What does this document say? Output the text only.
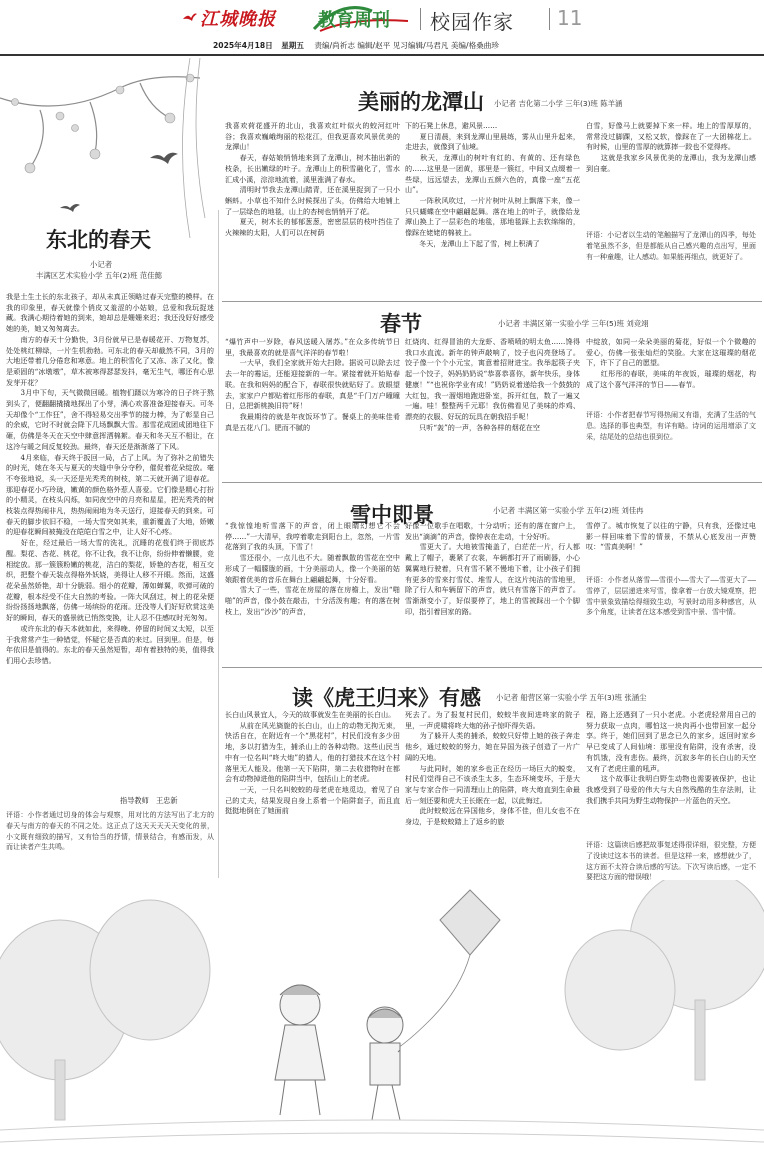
江城晚报 教育周刊 校园作家 11
2025年4月18日 星期五 责编/尚祈志 编辑/赵平 见习编辑/马君凡 美编/格桑曲珍
美丽的龙潭山 小记者 吉化第二小学 三年(3)班 陈羊涵
我喜欢荷花盛开的北山，我喜欢红叶似火的蛟河红叶谷；我喜欢巍峨绚丽的松花江，但我更喜欢风景优美的龙潭山！
　　春天，春姑娘悄悄地来到了龙潭山，树木抽出新的枝条，长出嫩绿的叶子。龙潭山上的积雪融化了，雪水汇成小溪，淙淙地流着，溪里涨满了春水。
　　清明时节我去龙潭山踏青，还在溪里捉到了一只小蝌蚪。小草也不知什么时候探出了头，仿佛给大地铺上了一层绿色的地毯，山上的杏树也悄悄开了花。
　　夏天，树木长的郁郁葱葱，密密层层的枝叶挡住了火辣辣的太阳，人们可以在树荫
下的石凳上休息，避风景……
　　夏日清晨，来到龙潭山里晨练，雾从山里升起来，走进去，就像到了仙境。
　　秋天，龙潭山的树叶有红的、有黄的、还有绿色的……这里是一团黄，那里是一簇红，中间又点缀着一些绿，远远望去，龙潭山五颜六色的，真像一座“五花山”。
　　一阵秋风吹过，一片片树叶从树上飘落下来，像一只只蝴蝶在空中翩翩起舞。落在地上的叶子，就像给龙潭山换上了一层彩色的地毯，那地毯踩上去软绵绵的，像踩在姥姥的棉被上。
　　冬天，龙潭山上下起了雪，树上积满了
白雪，好像马上就要掉下来一样。地上的雪厚厚的，常常没过脚踝，又松又软，像踩在了一大团棉花上。有时候，山里的雪厚的就算摔一跤也不觉得疼。
　　这就是我家乡风景优美的龙潭山，我为龙潭山感到自豪。
评语：小记者以生动的笔触描写了龙潭山的四季，每处着笔虽然不多，但是都能从自己感兴趣的点出写，里面有一种童趣，让人感动。如果能再细点，就更好了。
东北的春天
小记者
丰满区艺术实验小学 五年(2)班 范佳懿
我是土生土长的东北孩子，却从未真正领略过春天完整的模样。在我的印象里，春天就像个俏皮又羞涩的小姑娘，总爱和我玩捉迷藏。我满心期待着她的到来，她却总是姗姗来迟；我还没好好感受她的美，她又匆匆离去。
　　南方的春天十分勤快，3月份就早已是春暖花开、万物复苏，处处桃红柳绿，一片生机勃勃。可东北的春天却截然不同，3月的大地还带着几分倦怠和寒意。地上的积雪化了又冻、冻了又化，像是顽固的“冰墩墩”，草木被寒得瑟瑟发抖，毫无生气，哪还有心思发芽开花？
　　3月中下旬，天气微微回暖。植物们蹑以为寒冷的日子终于熬到头了，便翻翻撬撬地探出了小芽，满心欢喜准备迎接春天。可冬天却像个“工作狂”，舍不得轻易交出季节的接力棒，为了彰显自己的余威，它时不时就会降下几场飘飘大雪。那雪花成团成团地往下砸，仿佛是冬天在天空中肆意挥洒棉絮。春天和冬天互不相让，在这冷与暖之间反复较劲。最终，春天还是渐渐落了下风。
　　4月来临，春天终于扳回一局，占了上风。为了弥补之前错失的时光，她在冬天与夏天的夹缝中争分夺秒，催促着花朵绽放。毫不夸张地说，头一天还是光秃秃的树枝，第二天就开满了迎春花。那迎春花小巧玲珑，嫩黄的颜色格外惹人喜爱。它们像是精心打扮的小精灵，在枝头闪烁，如同夜空中的月亮和星星，把光秃秃的树枝装点得热闹非凡，热热闹闹地为冬天送行，迎接春天的到来。可春天的脚步依旧不稳，一场大雪突如其来，重新覆盖了大地，娇嫩的迎春花瞬间被掩没在皑皑白雪之中，让人好不心疼。
　　好在，经过最后一场大雪的洗礼，沉睡的花苞们终于彻底苏醒。梨花、杏花、桃花，你不让我，我不让你，纷纷伸着懒腰，竞相绽放。那一簇簇粉嫩的桃花，洁白的梨花，娇艳的杏花，相互交织，把整个春天装点得格外妖娆，美得让人移不开眼。然而，这盛花朵虽然娇艳，却十分脆弱。细小的花瓣，薄如蝉翼，吹弹可破的花瓣，根本经受不住大自然的考验。一阵大风刮过，树上的花朵便纷纷扬扬地飘落，仿佛一场缤纷的花雨。还没等人们好好欣赏这美好的瞬间，春天的盛景就已悄然变换，让人忍不住感叹时光匆匆。
　　或许东北的春天本就如此，来得晚、停留的时间又太短，以至于我常常产生一种错觉，怀疑它是否真的来过。回到里。但是，每年依旧是值得的。东北的春天虽然短暂，却有着独特的美，值得我们用心去珍惜。
指导教师　王忠新
评语：小作者通过切身的体会与观察，用对比的方法写出了北方的春天与南方的春天的不同之处。这正点了这天天天天天变化的景，小文既有细致的描写，又有恰当的抒情，情景结合，有感而发，从而让读者产生共鸣。
春节	小记者 丰满区第一实验小学 三年(5)班 刘竞翊
“爆竹声中一岁除，春风送暖入屠苏。”在众多传统节日里，我最喜欢的就是喜气洋洋的春节啦！
　　一大早，我们全家就开始大扫除。据说可以除去过去一年的霉运，还能迎接新的一年。紧接着就开始贴春联。在我和妈妈的配合下，春联很快就贴好了。放眼望去，家家户户都贴着红彤彤的春联，真是“千门万户曈曈日，总把新桃换旧符”呀！
　　我最期待的就是年夜饭环节了。餐桌上的美味佳肴真是五花八门。肥而不腻的
红烧肉、红得冒油的大龙虾、香喷喷的明太鱼……馋得我口水直流。新年的钟声敲响了，饺子也闪亮登场了。饺子像一个个小元宝，寓意着招财进宝。我举起筷子夹起一个饺子，妈妈奶奶说“恭喜恭喜你，新年快乐，身体健康！”“也祝你学业有成！”奶奶说着递给我一个鼓鼓的大红包，我一溜烟地跑进卧室，拆开红包，数了一遍又一遍。哇！整整两千元耶！我仿佛看见了美味的炸鸡、漂亮的衣服、好玩的玩具在朝我招手呢！
　　只听“轰”的一声，各种各样的烟花在空
中绽放，如同一朵朵美丽的菊花，好似一个个微趣的爱心，仿佛一张张灿烂的笑脸。大家在这璀璨的烟花下，许下了自己的愿望。
　　红彤彤的春联，美味的年夜饭，璀璨的烟花，构成了这个喜气洋洋的节日——春节。
评语：小作者把春节写得热闹又有谐，充满了生活的气息。选择的事也典型，有详有略。诗词的运用增添了文采，结尾处的总结也很到位。
雪中即景	小记者 丰满区第一实验小学 五年(2)班 刘佳冉
“我惊惶地听雪落下的声音，闭上眼睛幻想它不会停……”一大清早，我哼着歌走到阳台上，忽然，一片雪花落到了我的头顶，下雪了！
　　雪还很小，一点儿也不大。随着飘散的雪花在空中形成了一幅朦胧的画，十分美丽动人，像一个美丽的姑娘跟着优美的音乐在舞台上翩翩起舞，十分好看。
　　雪大了一些，雪花在房屋的落在房檐上，发出“啪啪”的声音，像小鼓在敲击，十分活泼有趣；有的落在树枝上，发出“沙沙”的声音，
好像一位歌手在唱歌，十分动听；还有的落在窗户上，发出“滴滴”的声音，像钟表在走动，十分好听。
　　雪更大了。大地被雪掩盖了，白茫茫一片，行人都戴上了帽子，裹紧了衣裳，车辆都打开了雨刷器，小心翼翼地行驶着，只有雪不紧不慢地下着，让小孩子们拥有更多的雪来打雪仗、堆雪人，在这片纯洁的雪地里，除了行人和车辆留下的声音，就只有雪落下的声音了。雪渐渐变小了，好似要停了，地上的雪被踩出一个个脚印，指引着回家的路。
雪停了。城市恢复了以往的宁静，只有我，还像过电影一样回味着下雪的情景，不禁从心底发出一声赞叹：“雪真美啊！”
评语：小作者从落雪——雪很小——雪大了——雪更大了——雪停了，层层递进来写雪，像拿着一台放大镜观察，把雪中景象致描绘得细致生动，写景时动用多种感官，从多个角度，让读者在这本感受到雪中景、雪中情。
读《虎王归来》有感 小记者 船营区第一实验小学 五年(3)班 张涵尘
长白山风景宜人，今天的故事就发生在美丽的长白山。
　　从前在风光旖旎的长白山，山上的动物无拘无束，快活自在，在附近有一个“黑花村”，村民们没有多少田地，多以打猎为生，捕杀山上的各种动物。这些山民当中有一位名叫“咚大炮”的猎人，他的打猎技术在这个村落里无人能及。他第一天下陷阱，第二去收猎物时在都会有动物掉进他的陷阱当中，包括山上的老虎。
　　一天，一只名叫蛟蛟的母老虎在地觅边，着见了自己的丈夫，结果发现自身上系着一个陷阱套子，而且直挺挺地倒在了她面前
死去了。为了报复村民们，蛟蛟半夜间进咚家的院子里，一声虎啸将咚大炮的孙子惊吓得失语。
　　为了躲开人类的捕杀，蛟蛟只好带上她的孩子奔走他乡，通过蛟蛟的努力，她在异国为孩子创造了一片广阔的天地。
　　与此同时，她的家乡也正在经历一场巨大的蜕变，村民们觉得自己不该杀生太多，生态环境变坏，于是大家与专家合作一同清理山上的陷阱，咚大炮直到生命最后一刻还要和虎大王长眠在一起，以此悔过。
　　此时蛟蛟远在异国他乡，身体不佳，但儿女也不在身边，于是蛟蛟踏上了返乡的旅
程，路上还遇到了一只小老虎。小老虎轻常用自己的努力获取一点肉，哪怕这一块肉再小也带回家一起分享。终于，她们回到了思念已久的家乡，返回时家乡早已变成了人间仙境：那里没有陷阱，没有杀害，没有饥饿，没有悲伤。最终，沉寂多年的长白山的天空又有了老虎庄重的吼声。
　　这个故事让我明白野生动物也需要被保护，也让我感受到了母爱的伟大与大自然残酷的生存法则，让我们携手共同为野生动物保护一片蓝色的天空。
评语：这篇读后感把故事复述得很详细，很完整，方便了没读过这本书的读者。但是这样一来，感想就少了，这方面不太符合读后感的写法。下次写读后感，一定不要把这方面的错误哦！
